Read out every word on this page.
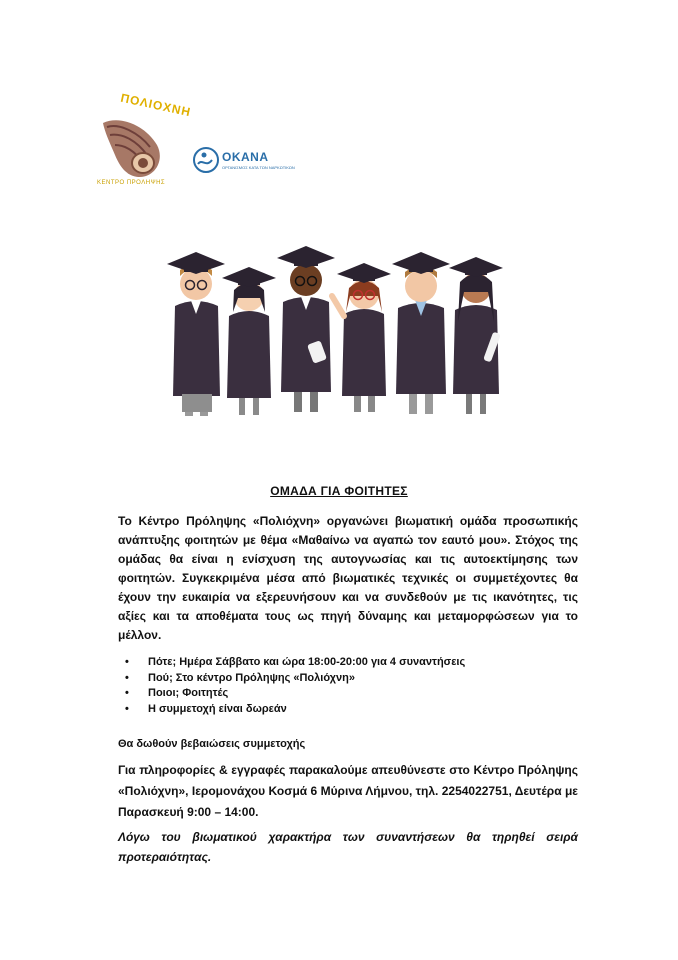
ΠΟΛΙΟΧΝΗ
ΚΕΝΤΡΟ ΠΡΟΛΗΨΗΣ
OKANA
ΟΡΓΑΝΙΣΜΟΣ ΚΑΤΑ ΤΩΝ ΝΑΡΚΩΤΙΚΩΝ
ΟΜΑΔΑ ΓΙΑ ΦΟΙΤΗΤΕΣ
Το Κέντρο Πρόληψης «Πολιόχνη» οργανώνει βιωματική ομάδα προσωπικής ανάπτυξης φοιτητών με θέμα «Μαθαίνω να αγαπώ τον εαυτό μου». Στόχος της ομάδας θα είναι η ενίσχυση της αυτογνωσίας και τις αυτοεκτίμησης των φοιτητών. Συγκεκριμένα μέσα από βιωματικές τεχνικές οι συμμετέχοντες θα έχουν την ευκαιρία να εξερευνήσουν και να συνδεθούν με τις ικανότητες, τις αξίες και τα αποθέματα τους ως πηγή δύναμης και μεταμορφώσεων για το μέλλον.
• Πότε; Ημέρα Σάββατο και ώρα 18:00-20:00 για 4 συναντήσεις
• Πού; Στο κέντρο Πρόληψης «Πολιόχνη»
• Ποιοι; Φοιτητές
• Η συμμετοχή είναι δωρεάν
Θα δωθούν βεβαιώσεις συμμετοχής
Για πληροφορίες & εγγραφές παρακαλούμε απευθύνεστε στο Κέντρο Πρόληψης «Πολιόχνη», Ιερομονάχου Κοσμά 6 Μύρινα Λήμνου, τηλ. 2254022751, Δευτέρα με Παρασκευή 9:00 – 14:00.
Λόγω του βιωματικού χαρακτήρα των συναντήσεων θα τηρηθεί σειρά προτεραιότητας.
